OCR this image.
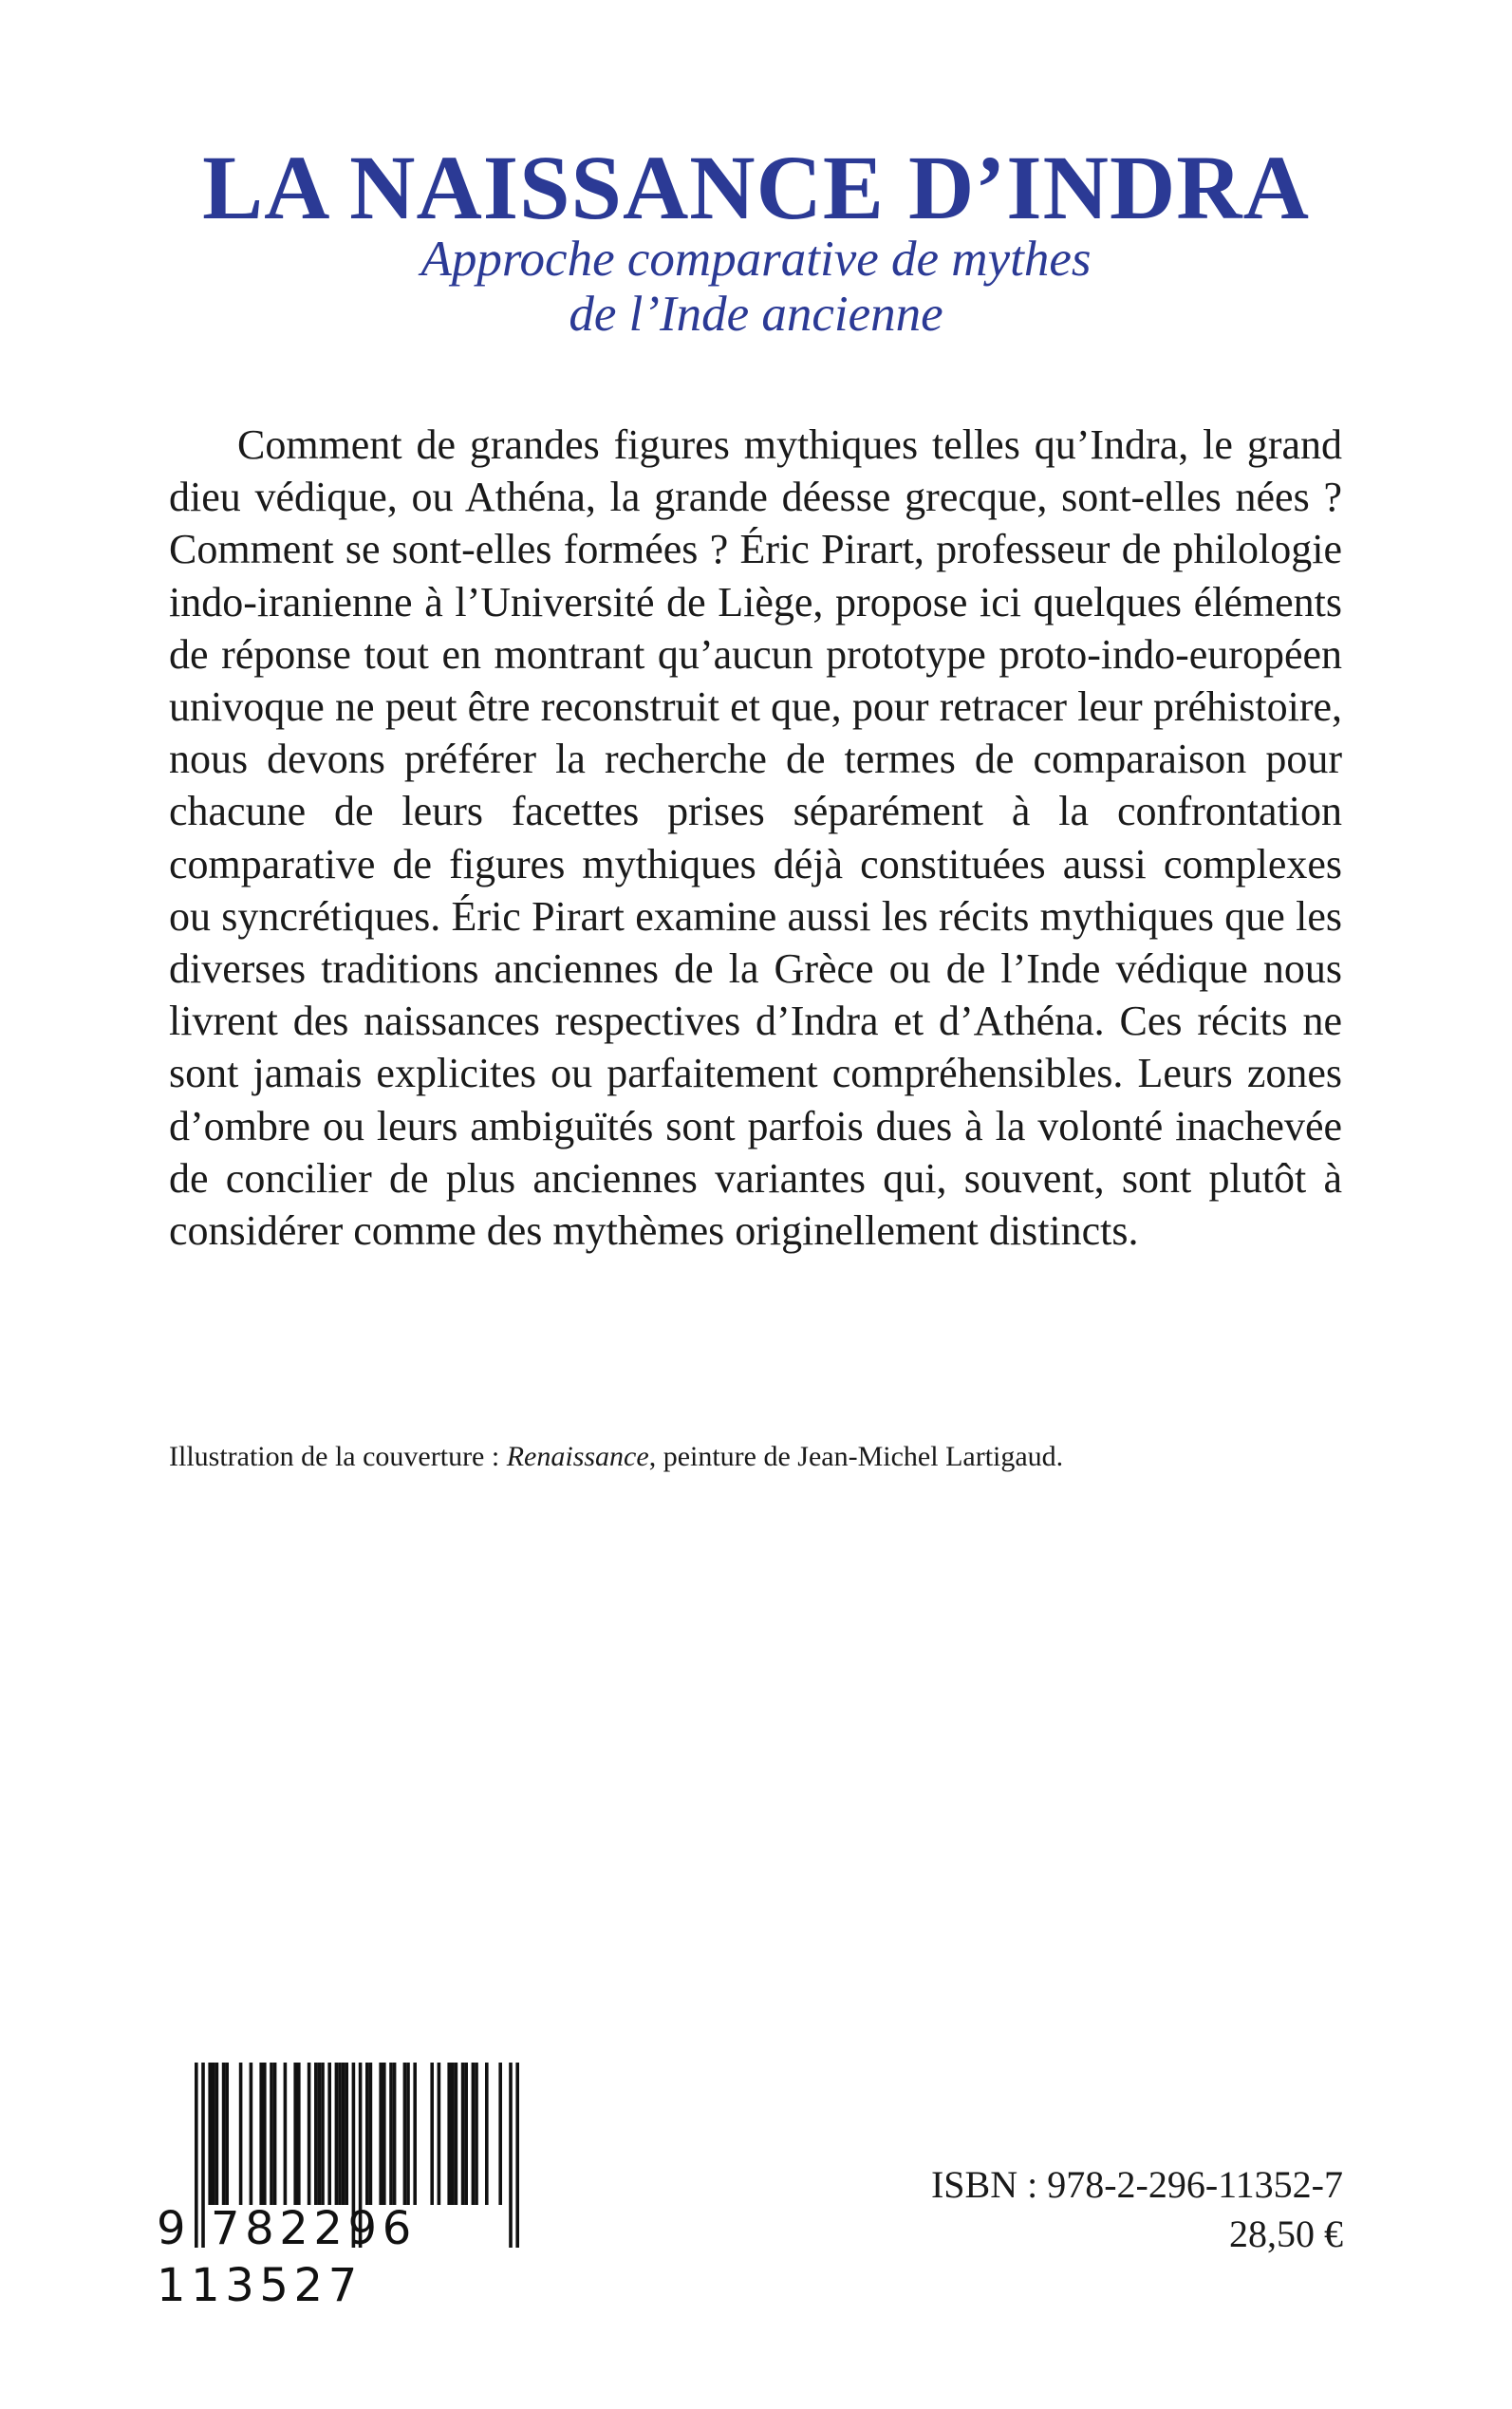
LA NAISSANCE D’INDRA
Approche comparative de mythes
de l’Inde ancienne

Comment de grandes figures mythiques telles qu’Indra, le grand dieu védique, ou Athéna, la grande déesse grecque, sont-elles nées ? Comment se sont-elles formées ? Éric Pirart, professeur de philologie indo-iranienne à l’Université de Liège, propose ici quelques éléments de réponse tout en montrant qu’aucun prototype proto-indo-européen univoque ne peut être reconstruit et que, pour retracer leur préhistoire, nous devons préférer la recherche de termes de comparaison pour chacune de leurs facettes prises séparément à la confrontation comparative de figures mythiques déjà constituées aussi complexes ou syncrétiques. Éric Pirart examine aussi les récits mythiques que les diverses traditions anciennes de la Grèce ou de l’Inde védique nous livrent des naissances respectives d’Indra et d’Athéna. Ces récits ne sont jamais explicites ou parfaitement compréhensibles. Leurs zones d’ombre ou leurs ambiguïtés sont parfois dues à la volonté inachevée de concilier de plus anciennes variantes qui, souvent, sont plutôt à considérer comme des mythèmes originellement distincts.

Illustration de la couverture : Renaissance, peinture de Jean-Michel Lartigaud.

9 782296 113527

ISBN : 978-2-296-11352-7

28,50 €
